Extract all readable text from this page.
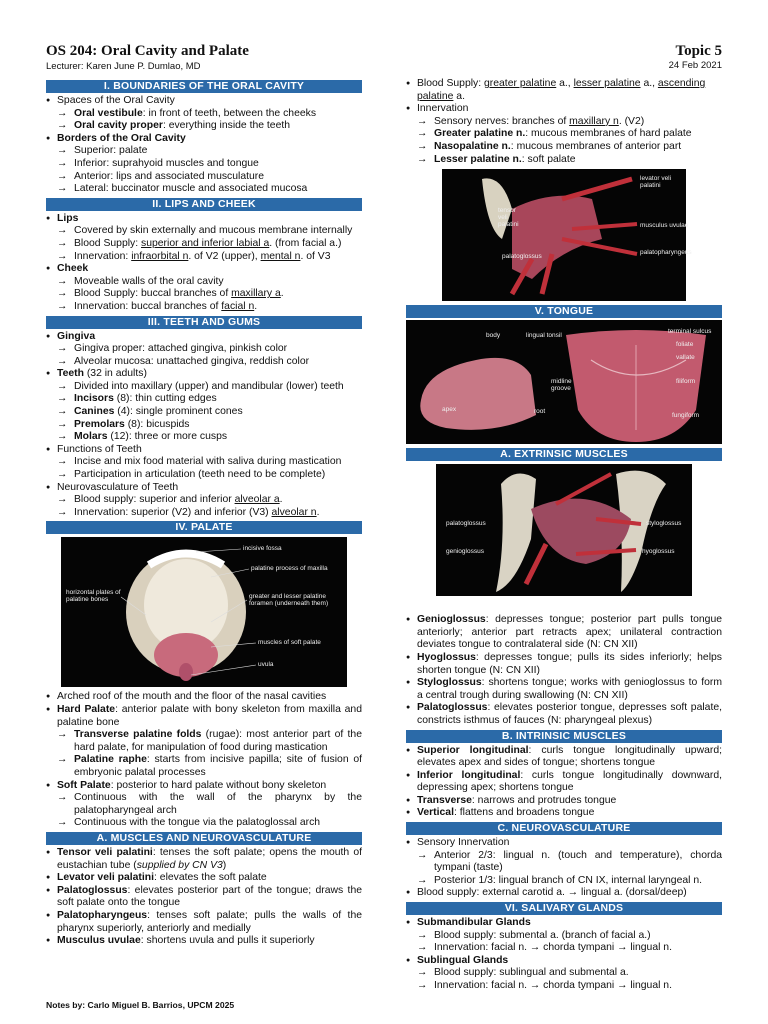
OS 204: Oral Cavity and Palate
Lecturer: Karen June P. Dumlao, MD
Topic 5
24 Feb 2021
I. BOUNDARIES OF THE ORAL CAVITY
● Spaces of the Oral Cavity
→ Oral vestibule: in front of teeth, between the cheeks
→ Oral cavity proper: everything inside the teeth
● Borders of the Oral Cavity
→ Superior: palate
→ Inferior: suprahyoid muscles and tongue
→ Anterior: lips and associated musculature
→ Lateral: buccinator muscle and associated mucosa
II. LIPS AND CHEEK
● Lips
→ Covered by skin externally and mucous membrane internally
→ Blood Supply: superior and inferior labial a. (from facial a.)
→ Innervation: infraorbital n. of V2 (upper), mental n. of V3
● Cheek
→ Moveable walls of the oral cavity
→ Blood Supply: buccal branches of maxillary a.
→ Innervation: buccal branches of facial n.
III. TEETH AND GUMS
● Gingiva
→ Gingiva proper: attached gingiva, pinkish color
→ Alveolar mucosa: unattached gingiva, reddish color
● Teeth (32 in adults)
→ Divided into maxillary (upper) and mandibular (lower) teeth
→ Incisors (8): thin cutting edges
→ Canines (4): single prominent cones
→ Premolars (8): bicuspids
→ Molars (12): three or more cusps
● Functions of Teeth
→ Incise and mix food material with saliva during mastication
→ Participation in articulation (teeth need to be complete)
● Neurovasculature of Teeth
→ Blood supply: superior and inferior alveolar a.
→ Innervation: superior (V2) and inferior (V3) alveolar n.
IV. PALATE
incisive fossa
palatine process of maxilla
greater and lesser palatine foramen (underneath them)
horizontal plates of palatine bones
muscles of soft palate
uvula
● Arched roof of the mouth and the floor of the nasal cavities
● Hard Palate: anterior palate with bony skeleton from maxilla and palatine bone
→ Transverse palatine folds (rugae): most anterior part of the hard palate, for manipulation of food during mastication
→ Palatine raphe: starts from incisive papilla; site of fusion of embryonic palatal processes
● Soft Palate: posterior to hard palate without bony skeleton
→ Continuous with the wall of the pharynx by the palatopharyngeal arch
→ Continuous with the tongue via the palatoglossal arch
A. MUSCLES AND NEUROVASCULATURE
● Tensor veli palatini: tenses the soft palate; opens the mouth of eustachian tube (supplied by CN V3)
● Levator veli palatini: elevates the soft palate
● Palatoglossus: elevates posterior part of the tongue; draws the soft palate onto the tongue
● Palatopharyngeus: tenses soft palate; pulls the walls of the pharynx superiorly, anteriorly and medially
● Musculus uvulae: shortens uvula and pulls it superiorly
● Blood Supply: greater palatine a., lesser palatine a., ascending palatine a.
● Innervation
→ Sensory nerves: branches of maxillary n. (V2)
→ Greater palatine n.: mucous membranes of hard palate
→ Nasopalatine n.: mucous membranes of anterior part
→ Lesser palatine n.: soft palate
tensor veli palatini
levator veli palatini
musculus uvulae
palatopharyngeus
palatoglossus
V. TONGUE
body	lingual tonsil
terminal sulcus
foliate
vallate
midline groove
filiform
apex	root
fungiform
A. EXTRINSIC MUSCLES
palatoglossus	styloglossus
genioglossus	hyoglossus
● Genioglossus: depresses tongue; posterior part pulls tongue anteriorly; anterior part retracts apex; unilateral contraction deviates tongue to contralateral side (N: CN XII)
● Hyoglossus: depresses tongue; pulls its sides inferiorly; helps shorten tongue (N: CN XII)
● Styloglossus: shortens tongue; works with genioglossus to form a central trough during swallowing (N: CN XII)
● Palatoglossus: elevates posterior tongue, depresses soft palate, constricts isthmus of fauces (N: pharyngeal plexus)
B. INTRINSIC MUSCLES
● Superior longitudinal: curls tongue longitudinally upward; elevates apex and sides of tongue; shortens tongue
● Inferior longitudinal: curls tongue longitudinally downward, depressing apex; shortens tongue
● Transverse: narrows and protrudes tongue
● Vertical: flattens and broadens tongue
C. NEUROVASCULATURE
● Sensory Innervation
→ Anterior 2/3: lingual n. (touch and temperature), chorda tympani (taste)
→ Posterior 1/3: lingual branch of CN IX, internal laryngeal n.
● Blood supply: external carotid a. → lingual a. (dorsal/deep)
VI. SALIVARY GLANDS
● Submandibular Glands
→ Blood supply: submental a. (branch of facial a.)
→ Innervation: facial n. → chorda tympani → lingual n.
● Sublingual Glands
→ Blood supply: sublingual and submental a.
→ Innervation: facial n. → chorda tympani → lingual n.
Notes by: Carlo Miguel B. Barrios, UPCM 2025
